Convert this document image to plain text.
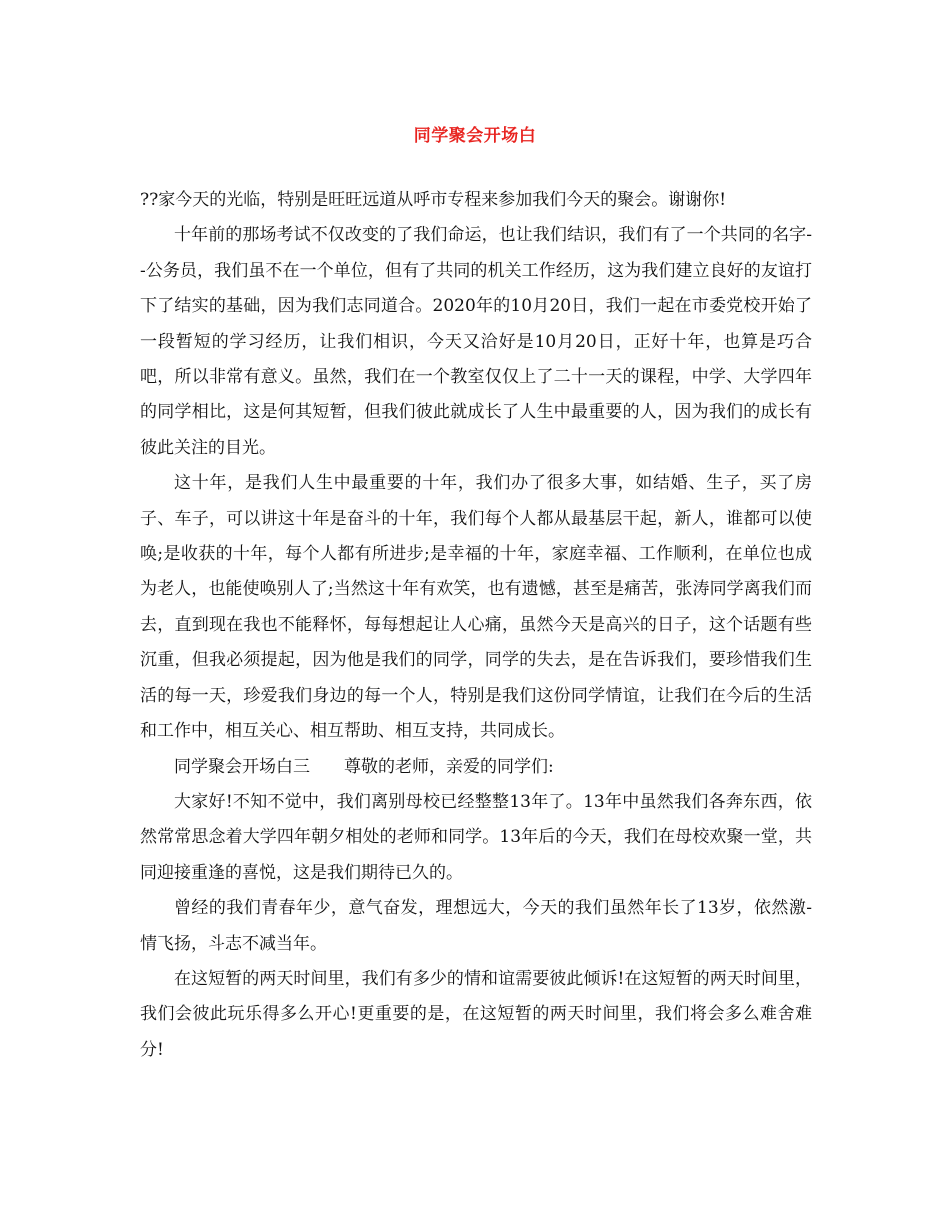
同学聚会开场白

??家今天的光临，特别是旺旺远道从呼市专程来参加我们今天的聚会。谢谢你!

十年前的那场考试不仅改变的了我们命运，也让我们结识，我们有了一个共同的名字--公务员，我们虽不在一个单位，但有了共同的机关工作经历，这为我们建立良好的友谊打下了结实的基础，因为我们志同道合。2020年的10月20日，我们一起在市委党校开始了一段暂短的学习经历，让我们相识，今天又洽好是10月20日，正好十年，也算是巧合吧，所以非常有意义。虽然，我们在一个教室仅仅上了二十一天的课程，中学、大学四年的同学相比，这是何其短暂，但我们彼此就成长了人生中最重要的人，因为我们的成长有彼此关注的目光。

这十年，是我们人生中最重要的十年，我们办了很多大事，如结婚、生子，买了房子、车子，可以讲这十年是奋斗的十年，我们每个人都从最基层干起，新人，谁都可以使唤;是收获的十年，每个人都有所进步;是幸福的十年，家庭幸福、工作顺利，在单位也成为老人，也能使唤别人了;当然这十年有欢笑，也有遗憾，甚至是痛苦，张涛同学离我们而去，直到现在我也不能释怀，每每想起让人心痛，虽然今天是高兴的日子，这个话题有些沉重，但我必须提起，因为他是我们的同学，同学的失去，是在告诉我们，要珍惜我们生活的每一天，珍爱我们身边的每一个人，特别是我们这份同学情谊，让我们在今后的生活和工作中，相互关心、相互帮助、相互支持，共同成长。

同学聚会开场白三　　尊敬的老师，亲爱的同学们:

大家好!不知不觉中，我们离别母校已经整整13年了。13年中虽然我们各奔东西，依然常常思念着大学四年朝夕相处的老师和同学。13年后的今天，我们在母校欢聚一堂，共同迎接重逢的喜悦，这是我们期待已久的。

曾经的我们青春年少，意气奋发，理想远大，今天的我们虽然年长了13岁，依然激-情飞扬，斗志不减当年。

在这短暂的两天时间里，我们有多少的情和谊需要彼此倾诉!在这短暂的两天时间里，我们会彼此玩乐得多么开心!更重要的是，在这短暂的两天时间里，我们将会多么难舍难分!
